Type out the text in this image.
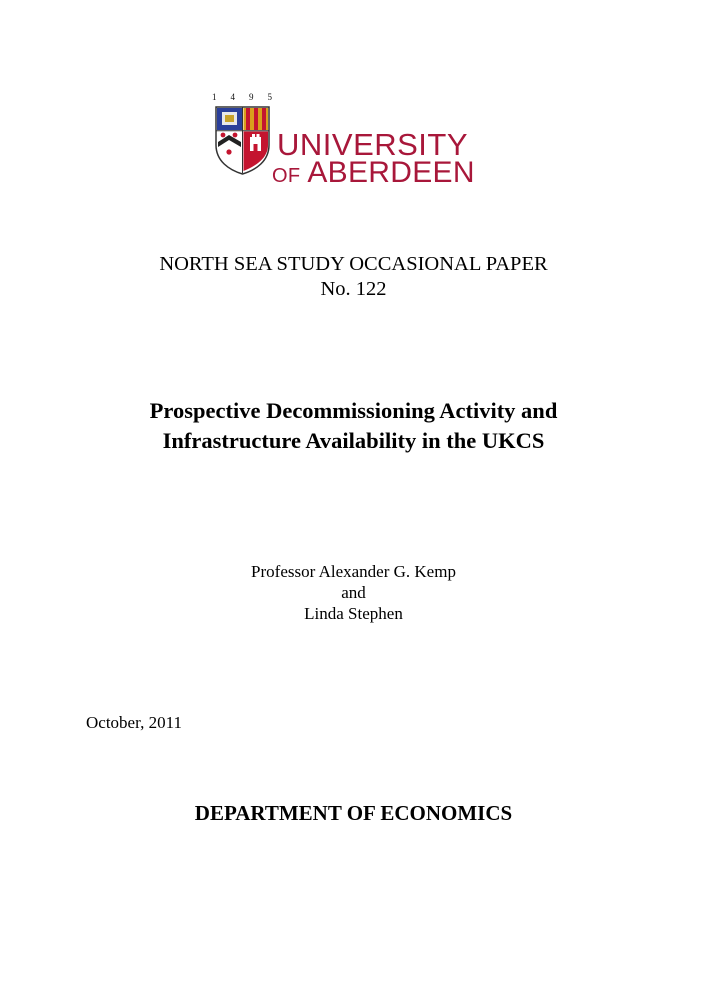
1495
UNIVERSITY
OF ABERDEEN
NORTH SEA STUDY OCCASIONAL PAPER
No. 122
Prospective Decommissioning Activity and
Infrastructure Availability in the UKCS
Professor Alexander G. Kemp
and
Linda Stephen
October, 2011
DEPARTMENT OF ECONOMICS
